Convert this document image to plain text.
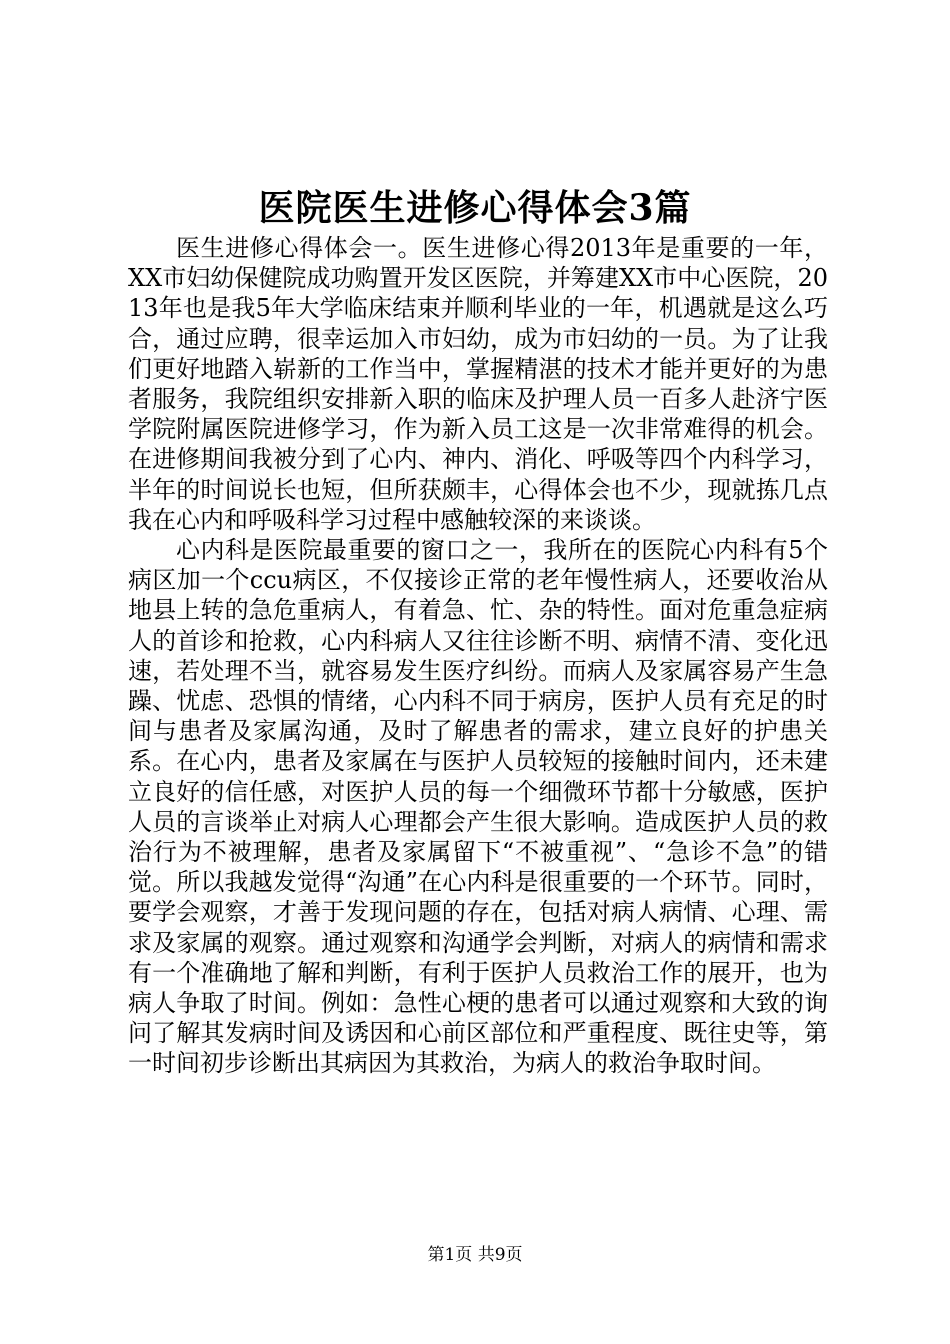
医院医生进修心得体会3篇

医生进修心得体会一。医生进修心得2013年是重要的一年，XX市妇幼保健院成功购置开发区医院，并筹建XX市中心医院，2013年也是我5年大学临床结束并顺利毕业的一年，机遇就是这么巧合，通过应聘，很幸运加入市妇幼，成为市妇幼的一员。为了让我们更好地踏入崭新的工作当中，掌握精湛的技术才能并更好的为患者服务，我院组织安排新入职的临床及护理人员一百多人赴济宁医学院附属医院进修学习，作为新入员工这是一次非常难得的机会。在进修期间我被分到了心内、神内、消化、呼吸等四个内科学习，半年的时间说长也短，但所获颇丰，心得体会也不少，现就拣几点我在心内和呼吸科学习过程中感触较深的来谈谈。

心内科是医院最重要的窗口之一，我所在的医院心内科有5个病区加一个ccu病区，不仅接诊正常的老年慢性病人，还要收治从地县上转的急危重病人，有着急、忙、杂的特性。面对危重急症病人的首诊和抢救，心内科病人又往往诊断不明、病情不清、变化迅速，若处理不当，就容易发生医疗纠纷。而病人及家属容易产生急躁、忧虑、恐惧的情绪，心内科不同于病房，医护人员有充足的时间与患者及家属沟通，及时了解患者的需求，建立良好的护患关系。在心内，患者及家属在与医护人员较短的接触时间内，还未建立良好的信任感，对医护人员的每一个细微环节都十分敏感，医护人员的言谈举止对病人心理都会产生很大影响。造成医护人员的救治行为不被理解，患者及家属留下“不被重视”、“急诊不急”的错觉。所以我越发觉得“沟通”在心内科是很重要的一个环节。同时，要学会观察，才善于发现问题的存在，包括对病人病情、心理、需求及家属的观察。通过观察和沟通学会判断，对病人的病情和需求有一个准确地了解和判断，有利于医护人员救治工作的展开，也为病人争取了时间。例如：急性心梗的患者可以通过观察和大致的询问了解其发病时间及诱因和心前区部位和严重程度、既往史等，第一时间初步诊断出其病因为其救治，为病人的救治争取时间。

第1页 共9页
